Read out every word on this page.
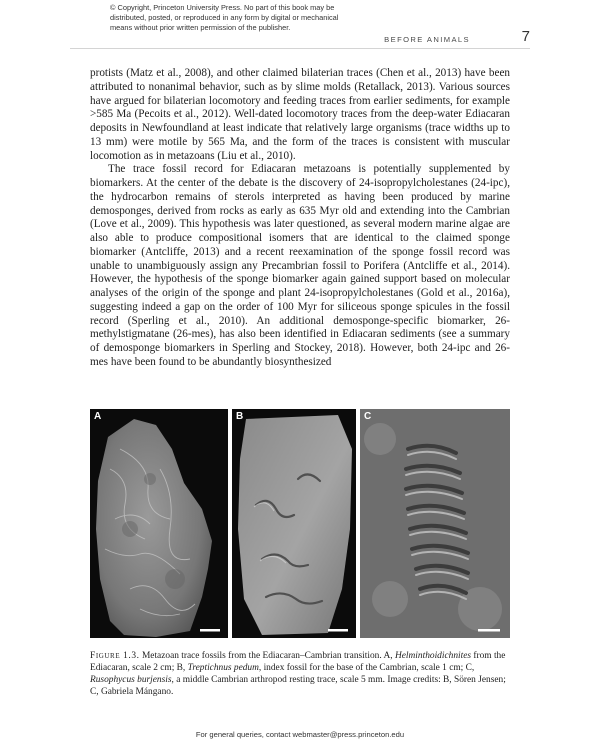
© Copyright, Princeton University Press. No part of this book may be
distributed, posted, or reproduced in any form by digital or mechanical
means without prior written permission of the publisher.
BEFORE ANIMALS	7

protists (Matz et al., 2008), and other claimed bilaterian traces (Chen et al., 2013) have been attributed to nonanimal behavior, such as by slime molds (Retallack, 2013). Various sources have argued for bilaterian locomotory and feeding traces from earlier sediments, for example >585 Ma (Pecoits et al., 2012). Well-dated locomotory traces from the deep-water Ediacaran deposits in Newfoundland at least indicate that relatively large organisms (trace widths up to 13 mm) were motile by 565 Ma, and the form of the traces is consistent with muscular locomotion as in metazoans (Liu et al., 2010).

The trace fossil record for Ediacaran metazoans is potentially supplemented by biomarkers. At the center of the debate is the discovery of 24-isopropylcholestanes (24-ipc), the hydrocarbon remains of sterols interpreted as having been produced by marine demosponges, derived from rocks as early as 635 Myr old and extending into the Cambrian (Love et al., 2009). This hypothesis was later questioned, as several modern marine algae are also able to produce compositional isomers that are identical to the claimed sponge biomarker (Antcliffe, 2013) and a recent reexamination of the sponge fossil record was unable to unambiguously assign any Precambrian fossil to Porifera (Antcliffe et al., 2014). However, the hypothesis of the sponge biomarker again gained support based on molecular analyses of the origin of the sponge and plant 24-isopropylcholestanes (Gold et al., 2016a), suggesting indeed a gap on the order of 100 Myr for siliceous sponge spicules in the fossil record (Sperling et al., 2010). An additional demosponge-specific biomarker, 26-methylstigmatane (26-mes), has also been identified in Ediacaran sediments (see a summary of demosponge biomarkers in Sperling and Stockey, 2018). However, both 24-ipc and 26-mes have been found to be abundantly biosynthesized

A	B	C
Figure 1.3. Metazoan trace fossils from the Ediacaran–Cambrian transition. A, Helminthoidichnites from the Ediacaran, scale 2 cm; B, Treptichnus pedum, index fossil for the base of the Cambrian, scale 1 cm; C, Rusophycus burjensis, a middle Cambrian arthropod resting trace, scale 5 mm. Image credits: B, Sören Jensen; C, Gabriela Mángano.
For general queries, contact webmaster@press.princeton.edu
